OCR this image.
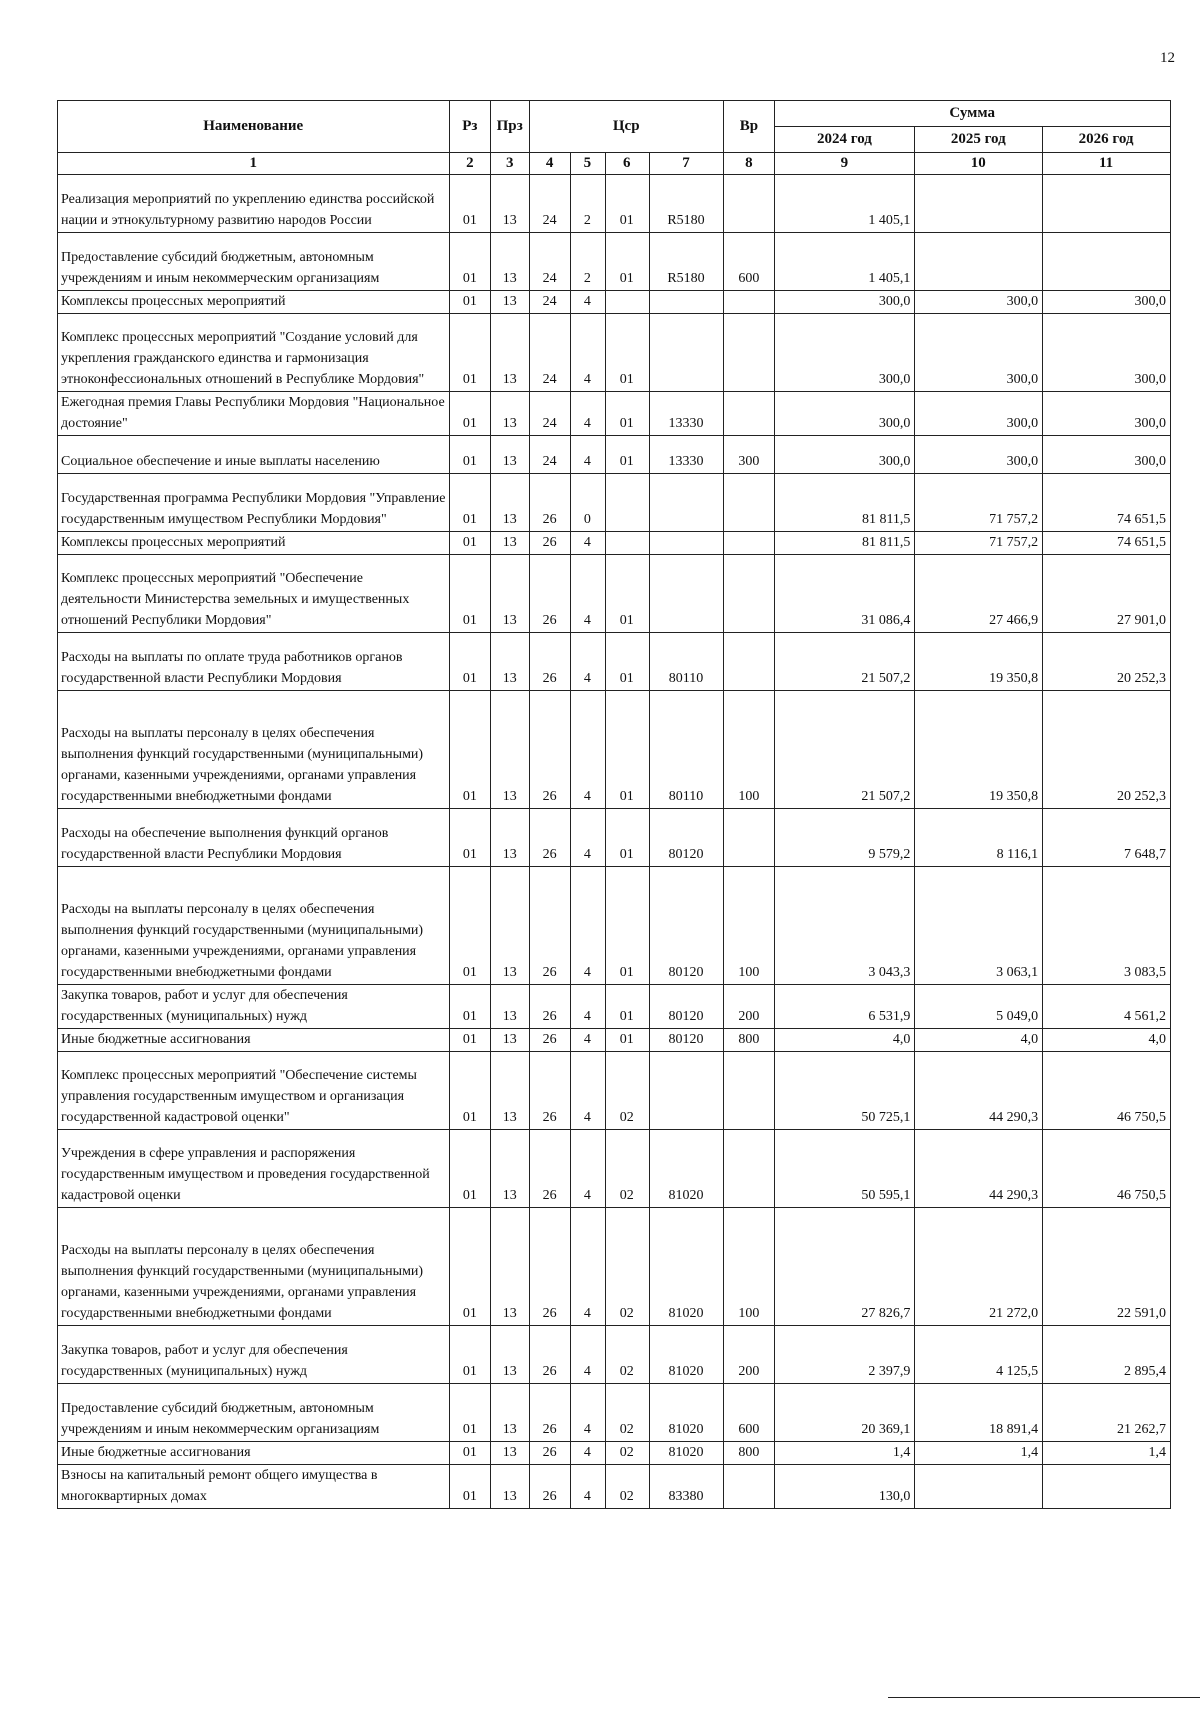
12
Наименование	Рз	Прз	Цср				Вр	Сумма		
								2024 год	2025 год	2026 год
1	2	3	4	5	6	7	8	9	10	11
Реализация мероприятий по укреплению единства российской нации и этнокультурному развитию народов России	01	13	24	2	01	R5180		1 405,1		
Предоставление субсидий бюджетным, автономным учреждениям и иным некоммерческим организациям	01	13	24	2	01	R5180	600	1 405,1		
Комплексы процессных мероприятий	01	13	24	4				300,0	300,0	300,0
Комплекс процессных мероприятий "Создание условий для укрепления гражданского единства и гармонизация этноконфессиональных отношений в Республике Мордовия"	01	13	24	4	01			300,0	300,0	300,0
Ежегодная премия Главы Республики Мордовия "Национальное достояние"	01	13	24	4	01	13330		300,0	300,0	300,0
Социальное обеспечение и иные выплаты населению	01	13	24	4	01	13330	300	300,0	300,0	300,0
Государственная программа Республики Мордовия "Управление государственным имуществом Республики Мордовия"	01	13	26	0				81 811,5	71 757,2	74 651,5
Комплексы процессных мероприятий	01	13	26	4				81 811,5	71 757,2	74 651,5
Комплекс процессных мероприятий "Обеспечение деятельности Министерства земельных и имущественных отношений Республики Мордовия"	01	13	26	4	01			31 086,4	27 466,9	27 901,0
Расходы на выплаты по оплате труда работников органов государственной власти Республики Мордовия	01	13	26	4	01	80110		21 507,2	19 350,8	20 252,3
Расходы на выплаты персоналу в целях обеспечения выполнения функций государственными (муниципальными) органами, казенными учреждениями, органами управления государственными внебюджетными фондами	01	13	26	4	01	80110	100	21 507,2	19 350,8	20 252,3
Расходы на обеспечение выполнения функций органов государственной власти Республики Мордовия	01	13	26	4	01	80120		9 579,2	8 116,1	7 648,7
Расходы на выплаты персоналу в целях обеспечения выполнения функций государственными (муниципальными) органами, казенными учреждениями, органами управления государственными внебюджетными фондами	01	13	26	4	01	80120	100	3 043,3	3 063,1	3 083,5
Закупка товаров, работ и услуг для обеспечения государственных (муниципальных) нужд	01	13	26	4	01	80120	200	6 531,9	5 049,0	4 561,2
Иные бюджетные ассигнования	01	13	26	4	01	80120	800	4,0	4,0	4,0
Комплекс процессных мероприятий "Обеспечение системы управления государственным имуществом и организация государственной кадастровой оценки"	01	13	26	4	02			50 725,1	44 290,3	46 750,5
Учреждения в сфере управления и распоряжения государственным имуществом и проведения государственной кадастровой оценки	01	13	26	4	02	81020		50 595,1	44 290,3	46 750,5
Расходы на выплаты персоналу в целях обеспечения выполнения функций государственными (муниципальными) органами, казенными учреждениями, органами управления государственными внебюджетными фондами	01	13	26	4	02	81020	100	27 826,7	21 272,0	22 591,0
Закупка товаров, работ и услуг для обеспечения государственных (муниципальных) нужд	01	13	26	4	02	81020	200	2 397,9	4 125,5	2 895,4
Предоставление субсидий бюджетным, автономным учреждениям и иным некоммерческим организациям	01	13	26	4	02	81020	600	20 369,1	18 891,4	21 262,7
Иные бюджетные ассигнования	01	13	26	4	02	81020	800	1,4	1,4	1,4
Взносы на капитальный ремонт общего имущества в многоквартирных домах	01	13	26	4	02	83380		130,0		
